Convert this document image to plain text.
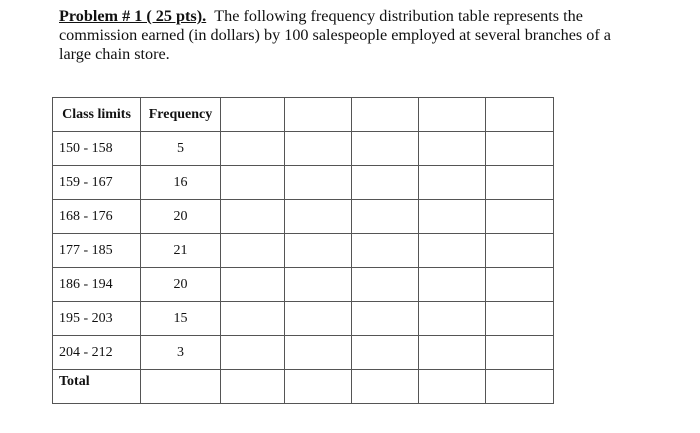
Problem # 1 ( 25 pts). The following frequency distribution table represents the commission earned (in dollars) by 100 salespeople employed at several branches of a large chain store.
Class limits	Frequency					
150 - 158	5					
159 - 167	16					
168 - 176	20					
177 - 185	21					
186 - 194	20					
195 - 203	15					
204 - 212	3					
Total						
